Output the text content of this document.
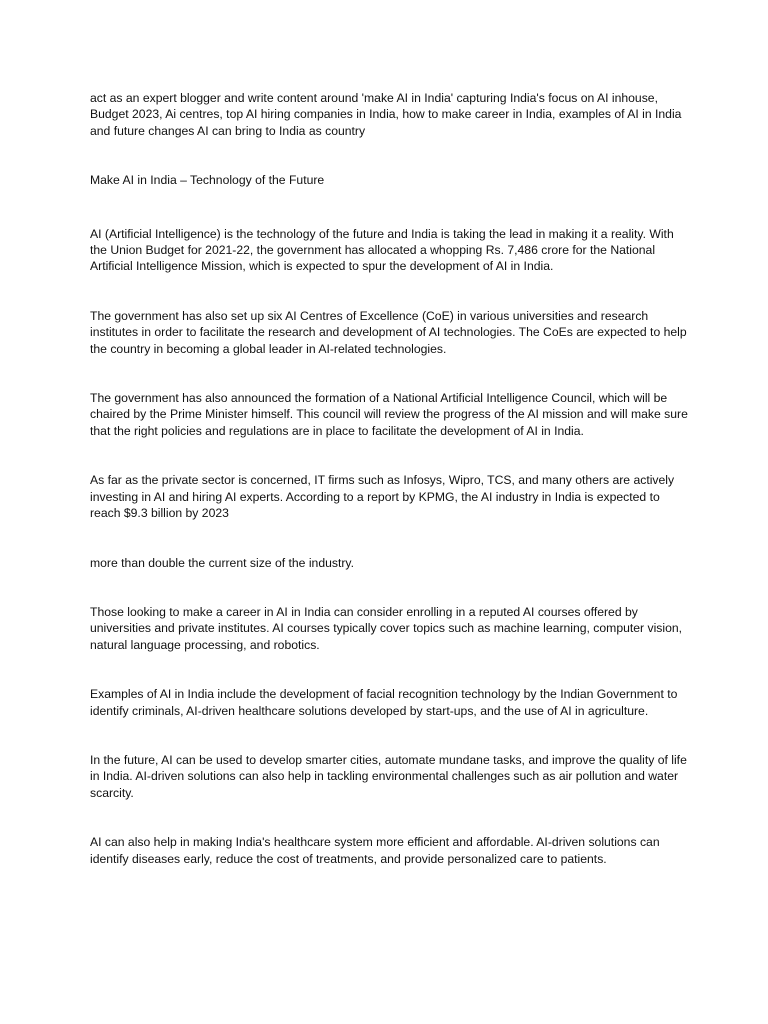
act as an expert blogger and write content around 'make AI in India' capturing India's focus on AI inhouse, Budget 2023, Ai centres, top AI hiring companies in India, how to make career in India, examples of AI in India and future changes AI can bring to India as country

Make AI in India – Technology of the Future

AI (Artificial Intelligence) is the technology of the future and India is taking the lead in making it a reality. With the Union Budget for 2021-22, the government has allocated a whopping Rs. 7,486 crore for the National Artificial Intelligence Mission, which is expected to spur the development of AI in India.

The government has also set up six AI Centres of Excellence (CoE) in various universities and research institutes in order to facilitate the research and development of AI technologies. The CoEs are expected to help the country in becoming a global leader in AI-related technologies.

The government has also announced the formation of a National Artificial Intelligence Council, which will be chaired by the Prime Minister himself. This council will review the progress of the AI mission and will make sure that the right policies and regulations are in place to facilitate the development of AI in India.

As far as the private sector is concerned, IT firms such as Infosys, Wipro, TCS, and many others are actively investing in AI and hiring AI experts. According to a report by KPMG, the AI industry in India is expected to reach $9.3 billion by 2023

more than double the current size of the industry.

Those looking to make a career in AI in India can consider enrolling in a reputed AI courses offered by universities and private institutes. AI courses typically cover topics such as machine learning, computer vision, natural language processing, and robotics.

Examples of AI in India include the development of facial recognition technology by the Indian Government to identify criminals, AI-driven healthcare solutions developed by start-ups, and the use of AI in agriculture.

In the future, AI can be used to develop smarter cities, automate mundane tasks, and improve the quality of life in India. AI-driven solutions can also help in tackling environmental challenges such as air pollution and water scarcity.

AI can also help in making India's healthcare system more efficient and affordable. AI-driven solutions can identify diseases early, reduce the cost of treatments, and provide personalized care to patients.
